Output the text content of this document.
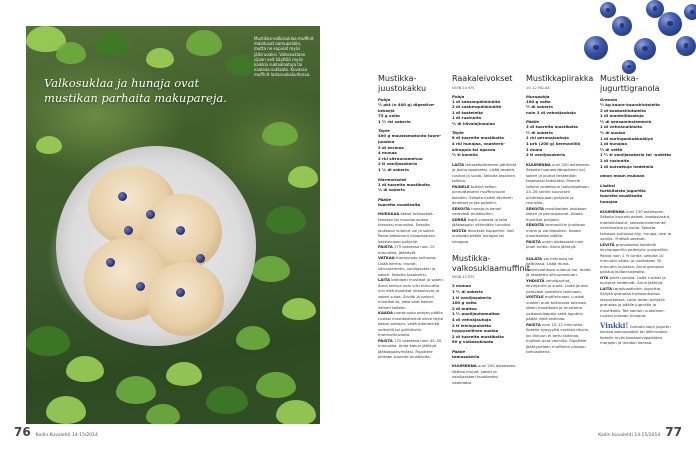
Valkosuklaa ja hunaja ovat mustikan parhaita makupareja.
Mustikka-valkosuklaa-muffinit maistuvat aamupalalla, mutta ne sopivat myös jälkiruoaksi. Valkosuklaan sijaan voit käyttää myös kaikkia suklaalaatuja tai vaaleaa suklaata. Kuvassa muffinit lasturuokakulhossa.
76 Kodin Kuvalehti 14·15/2014
Mustikka-juustokakku
Pohja
½ pkt (n 400 g) digestive-keksejä
75 g voita
1 ½ rkl sokeria
Täyte
400 g maustamatonta tuore-juustoa
2 dl kermaa
4 munaa
2 rkl sitruunamehua
2 tl vaniljasokeria
1 ¼ dl sokeria
Marmoriointi
1 dl tuoreita mustikoita
¼ dl sokeria
Päälle
tuoreita mustikoita

MURSKAA keksit tehosekoit-timessa tai muovipussissa hienoksi murusiksi. Sekoita joukkoon sulanut voi ja sokeri. Paina keksimuru irtopohjaisen kakkuvuoan pohjalle.

PAISTA 175 asteessa noin 10 minuuttia. Jäähdytä.

VATKAA tuorejuusto kulhossa. Lisää kerma, munat, sitruunamehu, vaniljasokeri ja sokeri. Sekoita tasaiseksi.

LAITA kattilaan mustikat ja sokeri. Anna kiehua noin viisi minuuttia niin että mustikat rikkoutuvat ja sokeri sulaa. Siivilöi ja paineli mustikoi-ta, jotta saat kaiken liemen talteen.

KAADA tuorejuusto pohjan päälle. Lusikoi mustikkaliemiä sieve täyte kakun pintaan, vedä mämmikkä veitsellä tai grillitikulla marmorikuvioita.

PAISTA 175 asteessa noin 45–50 minuuttia. Anna kakun jäähtyä jääkaappikylmäksi. Ripottele pintaan tuoreita mustikoita.

Raakaleivokset
NOIN 10 KPL
Pohja
1 dl saksanpähkinöitä
2 dl cashewpähkinöitä
1 dl taateleita
1 dl rusinoita
½ dl hiivalajinaulaa
Täyte
8 dl tuoreita mustikoita
4 rkl hunajaa, vaahtera-siirappia tai agavea
½ tl kanelia

LAITA tehosekoittimeen pähkinät ja jauha tasaiseksi. Lisää taatelit, rusinat ja suola. Sekoita tasainen taikina.

PAINELE taikina teflon-pinnoitteiseen muffinivuoan koloihin. Sekoita kaikki täytteen ainekset ja jaa paloihin.

SEKOITA hunaja ja kaneli varovasti mustikoihin.

SIIRRÄ kupit vuoasta ja laita jääkaappiin vähintään tunniksi.

NOSTA leivokset kuppeihin. Voit lusikoida päälle hunajaa tai siirappia.

Mustikka-valkosuklaamuffinit
NOIN 12 KPL
2 munaa
1 ½ dl sokeria
1 tl vaniljasokeria
100 g voita
2 dl maitoa
1 ½ puolijauhomaitoa
4 dl vehnäjauhoja
2 tl leivinjauhetta
hyppysellinen suolaa
2 dl tuoreita mustikoita
60 g valkosuklaata
Päälle
tomusokeria

KUUMENNA uuni 200 asteeseen. Vatkaa munat, sokeri ja vaniljasokeri kuohkeaksi vaahdoksi.

Mustikkapiirakka
10–12 PALAA
Murupohja
100 g voita
½ dl sokeria
noin 2 dl vehnäjauhoja
Päälle
3 dl tuoreita mustikoita
½ dl sokeria
1 rkl perunajauhoja
1 prk (200 g) kermaviiliä
1 muna
2 tl vaniljasokeria

KUUMENNA uuni 200 asteeseen. Sekoita huoneenlämpöinen voi, sokeri ja jauhot keskenään tasaiseksi taikinaksi. Painele taikina voideltuun halkaisijaltaan 24–26 sentin suuruisen piirakkavuoan pohjalle ja reunoille.

SEKOITA mustikoiden joukkoon sokeri ja perunajauhot. Kaada mustikat pohjalle.

SEKOITA kermaviiliin joukkoon muna ja vaniljasokeri. Kaada mustikoiden päälle.

PAISTA uunin alatasossa noin puoli tuntia. Anna jäähtyä.

SULATA voi mikrossa tai kattilassa. Lisää muna-sokerivaahtoon sulanut voi, maito ja raastettu sitruunankuori.

YHDISTÄ vehnäjauhot, leivinjauhe ja suola. Lisää jauhot varovasti nostellen taikinaan.

VOITELE muffinivuoat. Lusikoi vuokiin puet taikinasta taikinaa, sitten mustikoita ja muutama valkosuklaapala sekä loputkin päälle vielä taikinaa.

PAISTA noin 10–12 minuuttia. Kokeile kypsyyttä cocktail-tikulla. Jos tikkuun ei tartu taikinaa, muffinit ovat valmiita. Ripottele jäähtyneiden muffinien pintaan tomusokeria.

Mustikka-jugurttigranola
Granola
½ kg kaura-kaurahiutaleita
2 dl kookoshiutaleita
1 dl manteliläastuja
½ dl seesaminsiemeniä
1 dl vehnänalkioita
½ dl suolaa
1 dl auringonkukkaöljyä
1 dl hunajaa
½ dl vettä
1 ½ tl vaniljasokeria tai -uutetta
2 dl rusinoita
1 dl kuivattuja hedelmiä
oman maun mukaan
Lisäksi
turkkilaista jugurttia
tuoreita mustikoita
hunajaa

KUUMENNA uuni 130 asteeseen. Sekoita kaurahiutaleet, kookoslastut, manteliläastut, seesaminsiemenet, vehnänalkio ja suola. Sekoita toisessa kulhossa öljy, hunaja, vesi ja vanilja. Yhdistä seokset.

LEVITÄ granolaseos kahdelle leivinpaperilla peitetylle uunipellille. Paista noin 1 ½ tuntia, sekoita 10 minuutin välein ja uudestaan 30 minuutin kuluttua. Anna granolan paistua kullanruskeaksi.

OTA pellit uunista. Lisää rusinat ja kuivatut hedelmät. Anna jäähtyä.

LAITA tarjoiluastioihin jugurttia. Säilytä granolaa tiiviskantisissa lasipurkeissa. Laita lasien pohjalle granolaa ja päälle jugurttia ja mustikoita. Tee samoin uudelleen. Lusikoi pintaan hunajaa.

Vinkki! Granola sopii jugurtin kanssa aamupalaksi tai jälkiruoaksi. Kokeile myös banaaniviipaleiden, marjojen ja maidon kanssa.
Kodin Kuvalehti 14·15/2014 77
